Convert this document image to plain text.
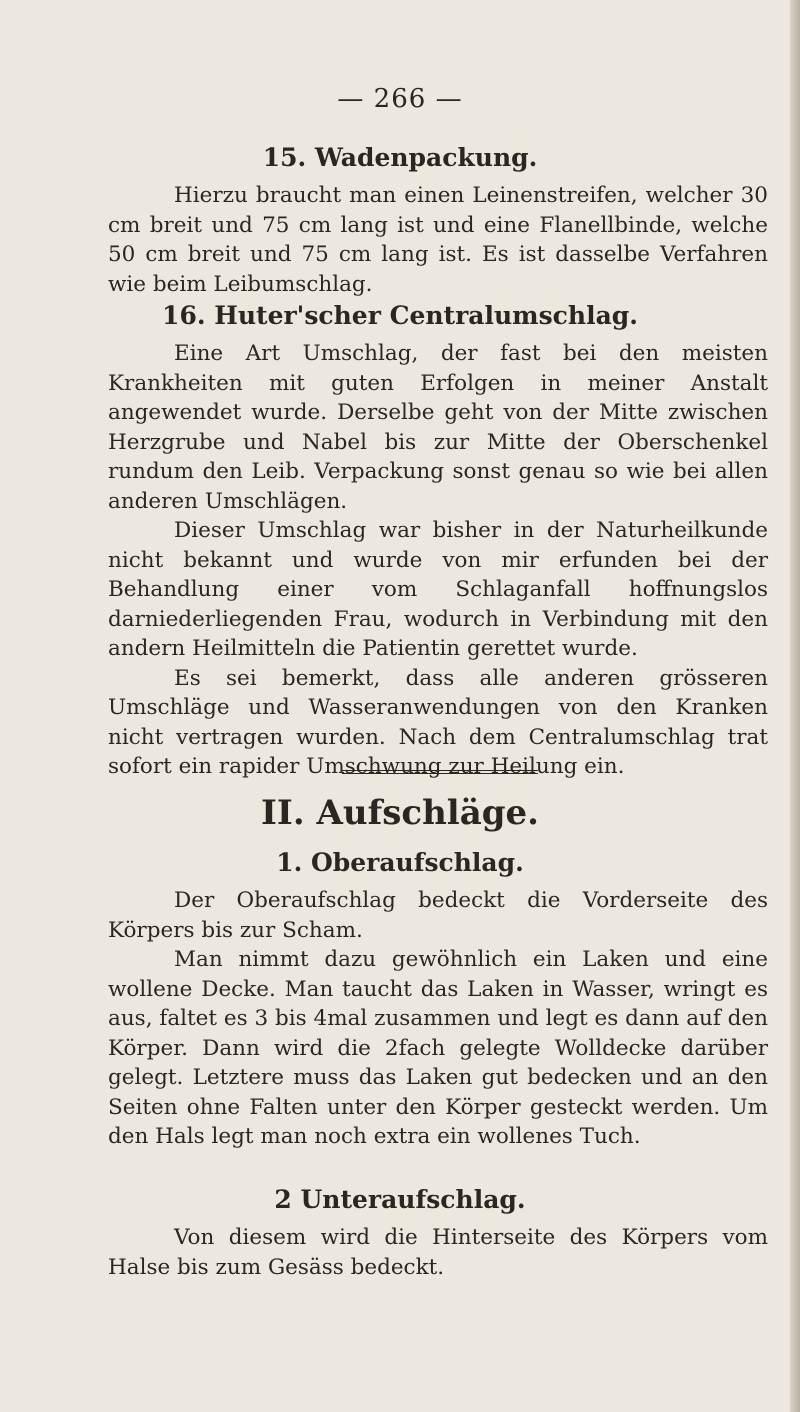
— 266 —
15. Wadenpackung.

Hierzu braucht man einen Leinenstreifen, welcher 30 cm breit und 75 cm lang ist und eine Flanellbinde, welche 50 cm breit und 75 cm lang ist. Es ist dasselbe Verfahren wie beim Leibumschlag.

16. Huter'scher Centralumschlag.

Eine Art Umschlag, der fast bei den meisten Krankheiten mit guten Erfolgen in meiner Anstalt angewendet wurde. Derselbe geht von der Mitte zwischen Herzgrube und Nabel bis zur Mitte der Oberschenkel rundum den Leib. Verpackung sonst genau so wie bei allen anderen Umschlägen.

Dieser Umschlag war bisher in der Naturheilkunde nicht bekannt und wurde von mir erfunden bei der Behandlung einer vom Schlaganfall hoffnungslos darniederliegenden Frau, wodurch in Verbindung mit den andern Heilmitteln die Patientin gerettet wurde.

Es sei bemerkt, dass alle anderen grösseren Umschläge und Wasseranwendungen von den Kranken nicht vertragen wurden. Nach dem Centralumschlag trat sofort ein rapider Umschwung zur Heilung ein.

II. Aufschläge.
1. Oberaufschlag.

Der Oberaufschlag bedeckt die Vorderseite des Körpers bis zur Scham.

Man nimmt dazu gewöhnlich ein Laken und eine wollene Decke. Man taucht das Laken in Wasser, wringt es aus, faltet es 3 bis 4mal zusammen und legt es dann auf den Körper. Dann wird die 2fach gelegte Wolldecke darüber gelegt. Letztere muss das Laken gut bedecken und an den Seiten ohne Falten unter den Körper gesteckt werden. Um den Hals legt man noch extra ein wollenes Tuch.

2 Unteraufschlag.

Von diesem wird die Hinterseite des Körpers vom Halse bis zum Gesäss bedeckt.
